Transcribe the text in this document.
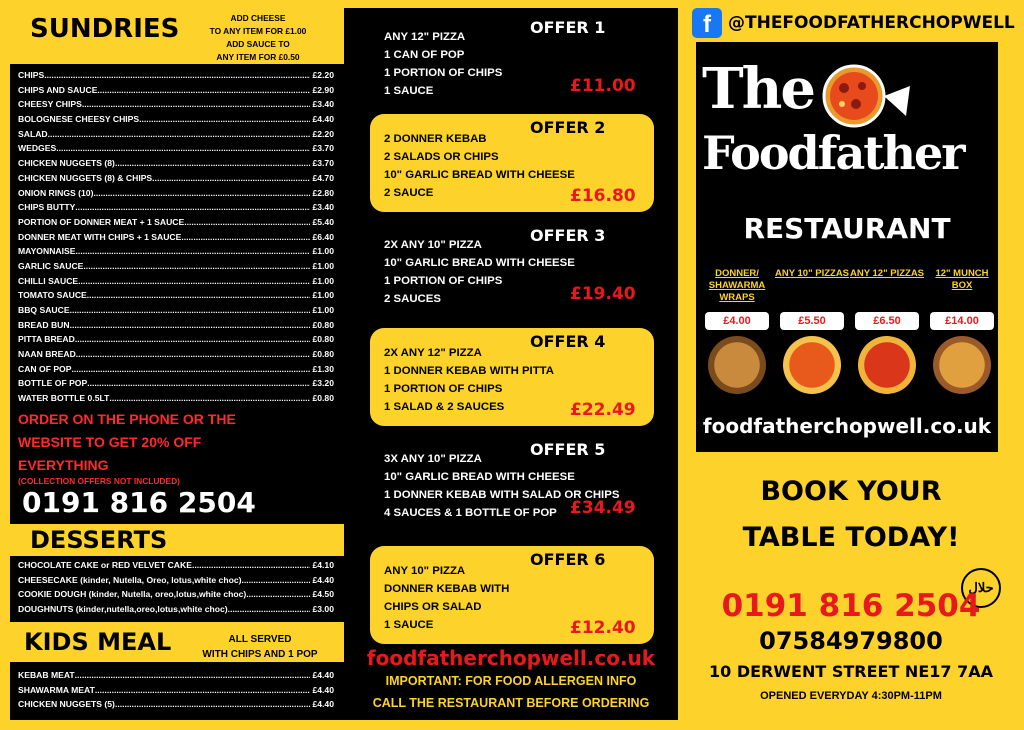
SUNDRIES	ADD CHEESE
TO ANY ITEM FOR £1.00
ADD SAUCE TO
ANY ITEM FOR £0.50
CHIPS .....	£2.20
CHIPS AND SAUCE .....	£2.90
CHEESY CHIPS .....	£3.40
BOLOGNESE CHEESY CHIPS .....	£4.40
SALAD .....	£2.20
WEDGES .....	£3.70
CHICKEN NUGGETS (8) .....	£3.70
CHICKEN NUGGETS (8) & CHIPS .....	£4.70
ONION RINGS (10) .....	£2.80
CHIPS BUTTY .....	£3.40
PORTION OF DONNER MEAT + 1 SAUCE .....	£5.40
DONNER MEAT WITH CHIPS + 1 SAUCE .....	£6.40
MAYONNAISE .....	£1.00
GARLIC SAUCE .....	£1.00
CHILLI SAUCE .....	£1.00
TOMATO SAUCE .....	£1.00
BBQ SAUCE .....	£1.00
BREAD BUN .....	£0.80
PITTA BREAD .....	£0.80
NAAN BREAD .....	£0.80
CAN OF POP .....	£1.30
BOTTLE OF POP .....	£3.20
WATER BOTTLE 0.5LT .....	£0.80
ORDER ON THE PHONE OR THE
WEBSITE TO GET 20% OFF
EVERYTHING
(COLLECTION OFFERS NOT INCLUDED)
0191 816 2504
DESSERTS
CHOCOLATE CAKE or RED VELVET CAKE .....	£4.10
CHEESECAKE (kinder, Nutella, Oreo, lotus,white choc) .....	£4.40
COOKIE DOUGH (kinder, Nutella, oreo,lotus,white choc) .....	£4.50
DOUGHNUTS (kinder,nutella,oreo,lotus,white choc) .....	£3.00
KIDS MEAL	ALL SERVED
WITH CHIPS AND 1 POP
KEBAB MEAT .....	£4.40
SHAWARMA MEAT .....	£4.40
CHICKEN NUGGETS (5) .....	£4.40
OFFER 1
ANY 12" PIZZA
1 CAN OF POP
1 PORTION OF CHIPS
1 SAUCE	£11.00
OFFER 2
2 DONNER KEBAB
2 SALADS OR CHIPS
10" GARLIC BREAD WITH CHEESE
2 SAUCE	£16.80
OFFER 3
2X ANY 10" PIZZA
10" GARLIC BREAD WITH CHEESE
1 PORTION OF CHIPS
2 SAUCES	£19.40
OFFER 4
2X ANY 12" PIZZA
1 DONNER KEBAB WITH PITTA
1 PORTION OF CHIPS
1 SALAD & 2 SAUCES	£22.49
OFFER 5
3X ANY 10" PIZZA
10" GARLIC BREAD WITH CHEESE
1 DONNER KEBAB WITH SALAD OR CHIPS
4 SAUCES & 1 BOTTLE OF POP £34.49
OFFER 6
ANY 10" PIZZA
DONNER KEBAB WITH
CHIPS OR SALAD
1 SAUCE	£12.40
foodfatherchopwell.co.uk
IMPORTANT: FOR FOOD ALLERGEN INFO
CALL THE RESTAURANT BEFORE ORDERING
f	@THEFOODFATHERCHOPWELL
The
Foodfather
RESTAURANT
DONNER/ SHAWARMA WRAPS
£4.00
ANY 10" PIZZAS
£5.50
ANY 12" PIZZAS
£6.50
12" MUNCH BOX
£14.00
foodfatherchopwell.co.uk
BOOK YOUR
TABLE TODAY!
حلال
0191 816 2504
07584979800
10 DERWENT STREET NE17 7AA
OPENED EVERYDAY 4:30PM-11PM
